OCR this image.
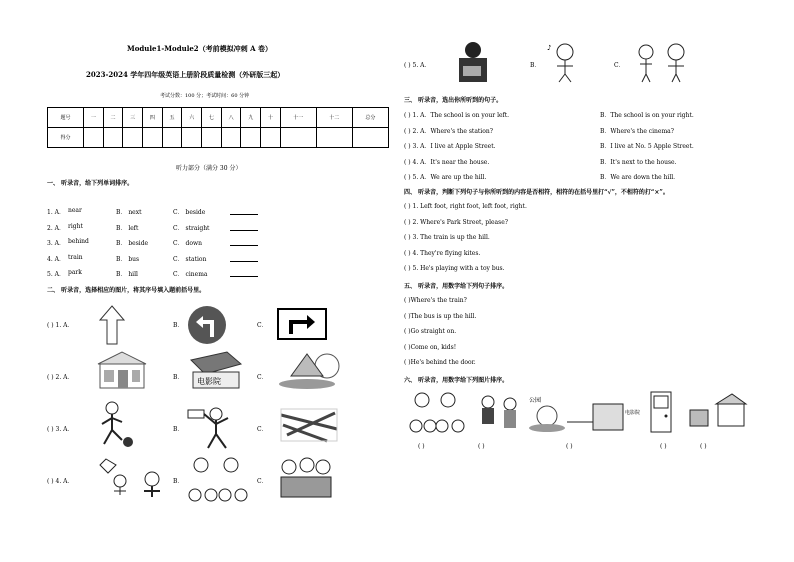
Module1-Module2（考前模拟冲刺 A 卷）
2023-2024 学年四年级英语上册阶段质量检测（外研版三起）
考试分数：100 分；考试时间：60 分钟
题号	一	二	三	四	五	六	七	八	九	十	十一	十二	总分
得分													
听力部分（满分 30 分）
一、 听录音，给下列单词排序。
1. A． near	B． next	C． beside
2. A． right	B． left	C． straight
3. A． behind	B． beside	C． down
4. A． train	B． bus	C． station
5. A． park	B． hill	C． cinema
二、 听录音，选择相应的图片，将其序号填入题前括号里。
( ) 1. A．	B．	C．
( ) 2. A．	B．	C．
( ) 3. A．	B．	C．
( ) 4. A．	B．	C．
电影院
( ) 5. A．	B．	C．
♪
三、 听录音，选出你所听到的句子。
( ) 1. A．The school is on your left.	B．The school is on your right.
( ) 2. A．Where's the station?	B．Where's the cinema?
( ) 3. A．I live at Apple Street.	B．I live at No. 5 Apple Street.
( ) 4. A．It's near the house.	B．It's next to the house.
( ) 5. A．We are up the hill.	B．We are down the hill.
四、 听录音，判断下列句子与你所听到的内容是否相符，相符的在括号里打“√”，不相符的打“×”。
( ) 1. Left foot, right foot, left foot, right.
( ) 2. Where's Park Street, please?
( ) 3. The train is up the hill.
( ) 4. They're flying kites.
( ) 5. He's playing with a toy bus.
五、 听录音，用数字给下列句子排序。
( )Where's the train?
( )The bus is up the hill.
( )Go straight on.
( )Come on, kids!
( )He's behind the door.
六、 听录音，用数字给下列图片排序。
公园
电影院
( )	( )	( )	( )	( )
